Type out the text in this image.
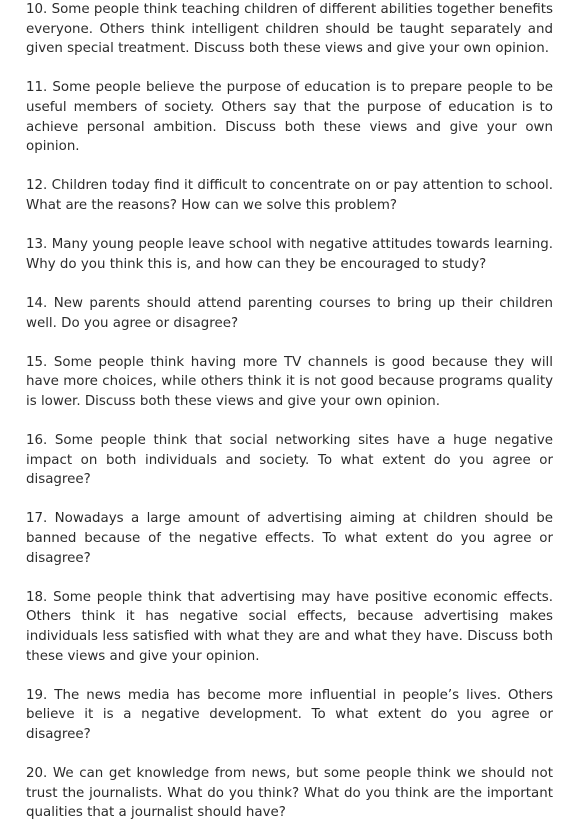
10. Some people think teaching children of different abilities together benefits everyone. Others think intelligent children should be taught separately and given special treatment. Discuss both these views and give your own opinion.

11. Some people believe the purpose of education is to prepare people to be useful members of society. Others say that the purpose of education is to achieve personal ambition. Discuss both these views and give your own opinion.

12. Children today find it difficult to concentrate on or pay attention to school. What are the reasons? How can we solve this problem?

13. Many young people leave school with negative attitudes towards learning. Why do you think this is, and how can they be encouraged to study?

14. New parents should attend parenting courses to bring up their children well. Do you agree or disagree?

15. Some people think having more TV channels is good because they will have more choices, while others think it is not good because programs quality is lower. Discuss both these views and give your own opinion.

16. Some people think that social networking sites have a huge negative impact on both individuals and society. To what extent do you agree or disagree?

17. Nowadays a large amount of advertising aiming at children should be banned because of the negative effects. To what extent do you agree or disagree?

18. Some people think that advertising may have positive economic effects. Others think it has negative social effects, because advertising makes individuals less satisfied with what they are and what they have. Discuss both these views and give your opinion.

19. The news media has become more influential in people’s lives. Others believe it is a negative development. To what extent do you agree or disagree?

20. We can get knowledge from news, but some people think we should not trust the journalists. What do you think? What do you think are the important qualities that a journalist should have?
